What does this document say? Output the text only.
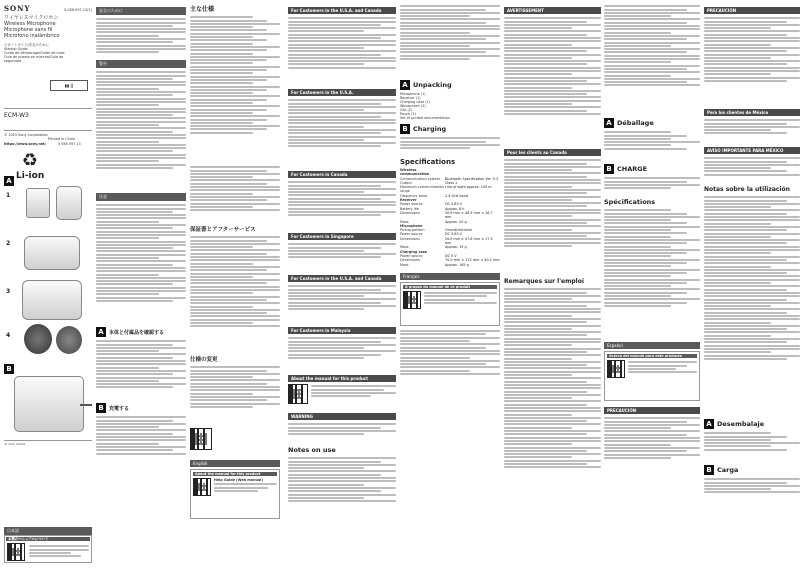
SONY	5-056-597-13(1)
ワイヤレスマイクロホン
Wireless Microphone
Microphone sans fil
Micrófono inalámbrico
スタートガイド/安全のために
Startup Guide
Guide de démarrage/Guide de mise
Guía de puesta en marcha/Guía de
seguridad
▮▮ ||
ECM-W3
© 2025 Sony Corporation
Printed in China
https://www.sony.net/	5 056 597 13
♻
Li-ion
A
1
2
3
4
B
▭ ▭▭ ▭▭▭
日本語
本機のマニュアルについて
安全のために
警告
注意
A	本体と付属品を確認する
B	充電する
主な仕様
保証書とアフターサービス
仕様の変更
English
About the manual for this product
Help Guide (Web manual)
For Customers in the U.S.A. and Canada
For Customers in the U.S.A.
For Customers in Canada
For Customers in Singapore
For Customers in the U.S.A. and Canada
For Customers in Malaysia
About the manual for this product
WARNING
Notes on use
A Unpacking
Microphone (1)
Receiver (1)
Charging case (1)
Windscreen (2)
Clip (2)
Pouch (1)
Set of printed documentation
B Charging
Specifications
Wireless communication
Communication system	Bluetooth Specification Ver. 5.3
Output	Class 1
Maximum communication range
Line of sight approx. 100 m
Frequency band	2.4 GHz band
Receiver
Power source	DC 3.85 V
Battery life	Approx. 8 h
Dimensions	34.9 mm × 48.5 mm × 18.7 mm
Mass	Approx. 20 g
Microphone
Pickup pattern	Omnidirectional
Power source	DC 3.85 V
Dimensions	34.9 mm × 47.8 mm × 17.5 mm
Mass	Approx. 19 g
Charging case
Power source	DC 5 V
Dimensions	70.0 mm × 115 mm × 40.1 mm
Mass	Approx. 165 g
Français
À propos du manuel de ce produit
AVERTISSEMENT
Pour les clients au Canada
Remarques sur l'emploi
A Déballage
B CHARGE
Spécifications
Español
Acerca del manual para este producto
PRECAUCIÓN
PRECAUCIÓN
Para los clientes de México
AVISO IMPORTANTE PARA MÉXICO
Notas sobre la utilización
A Desembalaje
B Carga
